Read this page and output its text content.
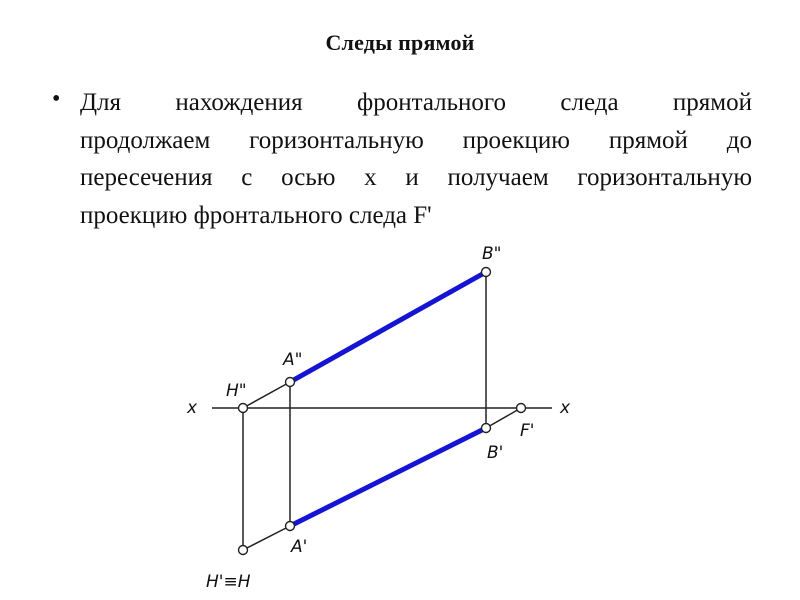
Следы прямой
• Для нахождения фронтального следа прямой
продолжаем горизонтальную проекцию прямой до
пересечения с осью х и получаем горизонтальную
проекцию фронтального следа F'
x	x
B"
A"
H"
F'
B'
A'
H'≡H
